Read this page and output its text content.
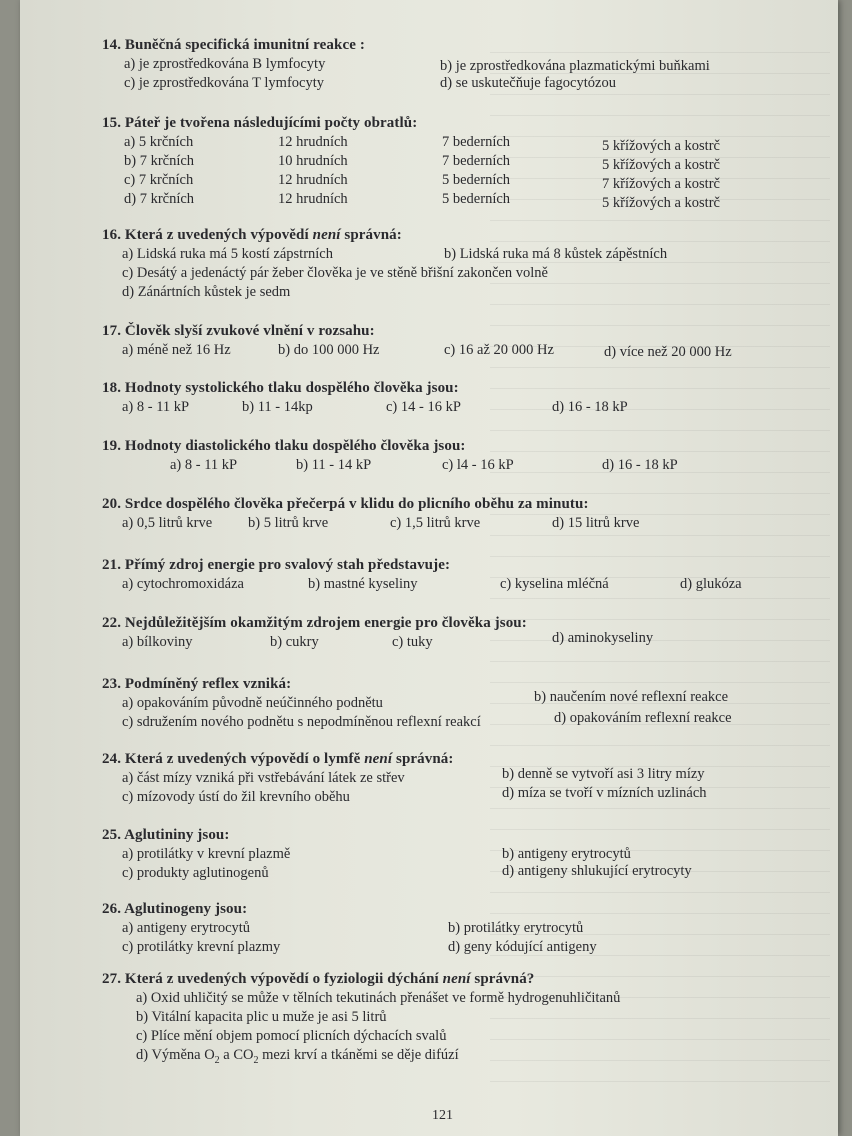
14. Buněčná specifická imunitní reakce :
a) je zprostředkována B lymfocyty	b) je zprostředkována plazmatickými buňkami
c) je zprostředkována T lymfocyty	d) se uskutečňuje fagocytózou
15. Páteř je tvořena následujícími počty obratlů:
a) 5 krčních	12 hrudních	7 bederních	5 křížových a kostrč
b) 7 krčních	10 hrudních	7 bederních	5 křížových a kostrč
c) 7 krčních	12 hrudních	5 bederních	7 křížových a kostrč
d) 7 krčních	12 hrudních	5 bederních	5 křížových a kostrč
16. Která z uvedených výpovědí není správná:
a) Lidská ruka má 5 kostí zápstrních	b) Lidská ruka má 8 kůstek zápěstních
c) Desátý a jedenáctý pár žeber člověka je ve stěně břišní zakončen volně
d) Zánártních kůstek je sedm
17. Člověk slyší zvukové vlnění v rozsahu:
a) méně než 16 Hz	b) do 100 000 Hz	c) 16 až 20 000 Hz	d) více než 20 000 Hz
18. Hodnoty systolického tlaku dospělého člověka jsou:
a) 8 - 11 kP	b) 11 - 14kp	c) 14 - 16 kP	d) 16 - 18 kP
19. Hodnoty diastolického tlaku dospělého člověka jsou:
a) 8 - 11 kP	b) 11 - 14 kP	c) l4 - 16 kP	d) 16 - 18 kP
20. Srdce dospělého člověka přečerpá v klidu do plicního oběhu za minutu:
a) 0,5 litrů krve b) 5 litrů krve	c) 1,5 litrů krve	d) 15 litrů krve
21. Přímý zdroj energie pro svalový stah představuje:
a) cytochromoxidáza	b) mastné kyseliny	c) kyselina mléčná	d) glukóza
22. Nejdůležitějším okamžitým zdrojem energie pro člověka jsou:
a) bílkoviny	b) cukry	c) tuky	d) aminokyseliny
23. Podmíněný reflex vzniká:
a) opakováním původně neúčinného podnětu	b) naučením nové reflexní reakce
c) sdružením nového podnětu s nepodmíněnou reflexní reakcí	d) opakováním reflexní reakce
24. Která z uvedených výpovědí o lymfě není správná:
a) část mízy vzniká při vstřebávání látek ze střev	b) denně se vytvoří asi 3 litry mízy
c) mízovody ústí do žil krevního oběhu	d) míza se tvoří v mízních uzlinách
25. Aglutininy jsou:
a) protilátky v krevní plazmě	b) antigeny erytrocytů
c) produkty aglutinogenů	d) antigeny shlukující erytrocyty
26. Aglutinogeny jsou:
a) antigeny erytrocytů	b) protilátky erytrocytů
c) protilátky krevní plazmy	d) geny kódující antigeny
27. Která z uvedených výpovědí o fyziologii dýchání není správná?
a) Oxid uhličitý se může v tělních tekutinách přenášet ve formě hydrogenuhličitanů
b) Vitální kapacita plic u muže je asi 5 litrů
c) Plíce mění objem pomocí plicních dýchacích svalů
d) Výměna $O_2$ a $CO_2$ mezi krví a tkáněmi se děje difúzí
121
